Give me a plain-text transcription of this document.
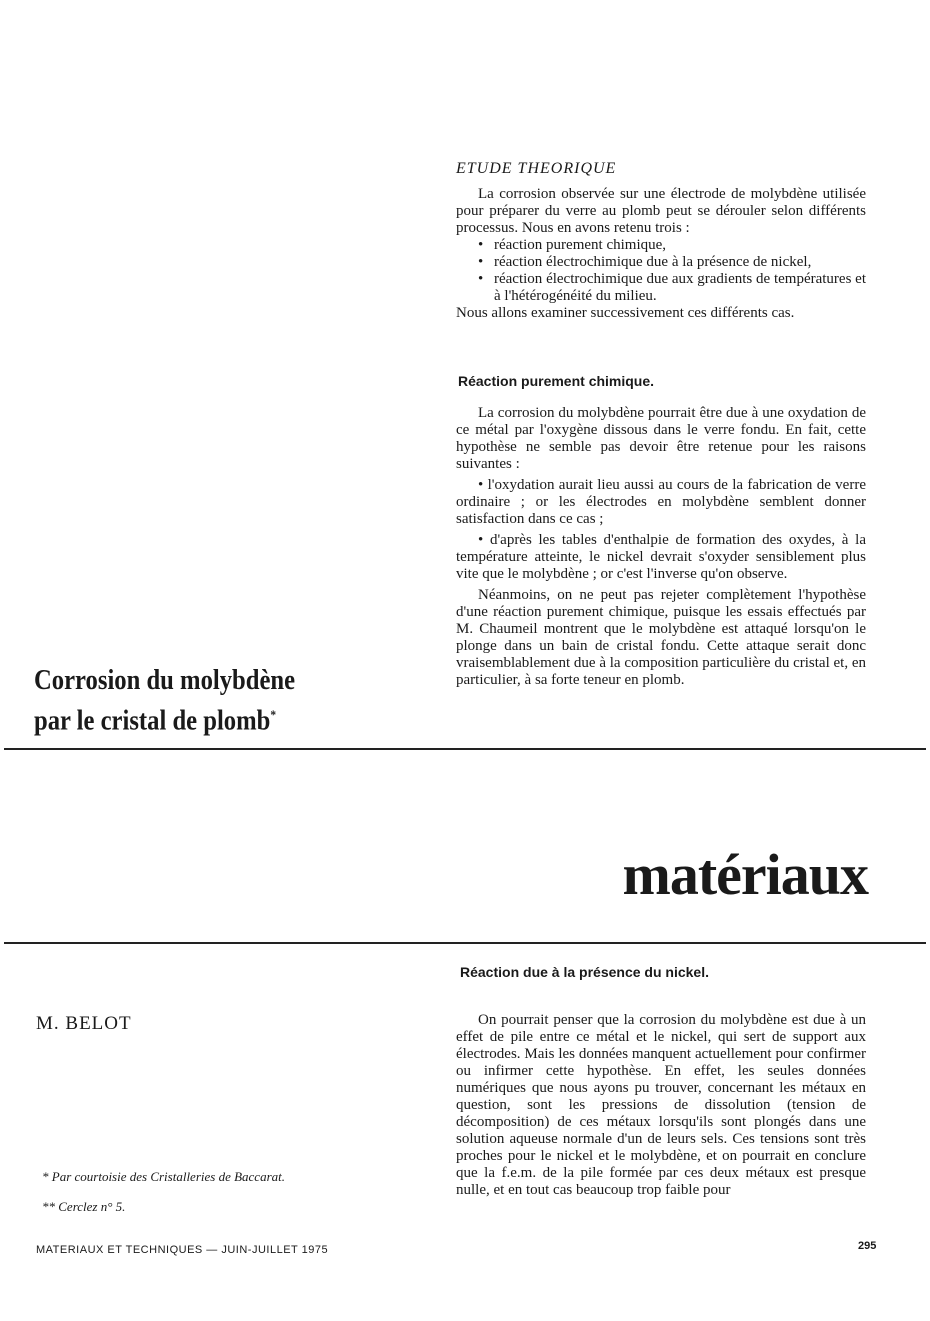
ETUDE THEORIQUE

La corrosion observée sur une électrode de molybdène utilisée pour préparer du verre au plomb peut se dérouler selon différents processus. Nous en avons retenu trois :

• réaction purement chimique,
• réaction électrochimique due à la présence de nickel,
• réaction électrochimique due aux gradients de températures et à l'hétérogénéité du milieu.

Nous allons examiner successivement ces différents cas.

Réaction purement chimique.

La corrosion du molybdène pourrait être due à une oxydation de ce métal par l'oxygène dissous dans le verre fondu. En fait, cette hypothèse ne semble pas devoir être retenue pour les raisons suivantes :

• l'oxydation aurait lieu aussi au cours de la fabrication de verre ordinaire ; or les électrodes en molybdène semblent donner satisfaction dans ce cas ;

• d'après les tables d'enthalpie de formation des oxydes, à la température atteinte, le nickel devrait s'oxyder sensiblement plus vite que le molybdène ; or c'est l'inverse qu'on observe.

Néanmoins, on ne peut pas rejeter complètement l'hypothèse d'une réaction purement chimique, puisque les essais effectués par M. Chaumeil montrent que le molybdène est attaqué lorsqu'on le plonge dans un bain de cristal fondu. Cette attaque serait donc vraisemblablement due à la composition particulière du cristal et, en particulier, à sa forte teneur en plomb.

Corrosion du molybdène
par le cristal de plomb*
matériaux
Réaction due à la présence du nickel.
M. BELOT	On pourrait penser que la corrosion du molybdène est due à un effet de pile entre ce métal et le nickel, qui sert de support aux électrodes. Mais les données manquent actuellement pour confirmer ou infirmer cette hypothèse. En effet, les seules données numériques que nous ayons pu trouver, concernant les métaux en question, sont les pressions de dissolution (tension de décomposition) de ces métaux lorsqu'ils sont plongés dans une solution aqueuse normale d'un de leurs sels. Ces tensions sont très proches pour le nickel et le molybdène, et on pourrait en conclure que la f.e.m. de la pile formée par ces deux métaux est presque nulle, et en tout cas beaucoup trop faible pour

* Par courtoisie des Cristalleries de Baccarat.
** Cerclez n° 5.
MATERIAUX ET TECHNIQUES — JUIN-JUILLET 1975	295
